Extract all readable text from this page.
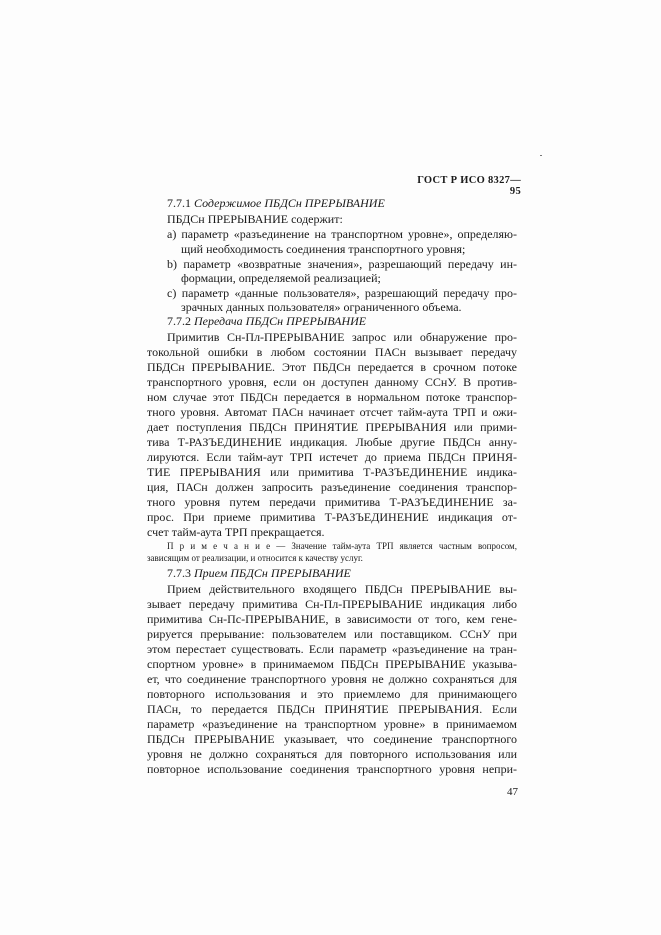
ГОСТ Р ИСО 8327—95
7.7.1 Содержимое ПБДСн ПРЕРЫВАНИЕ
ПБДСн ПРЕРЫВАНИЕ содержит:
а) параметр «разъединение на транспортном уровне», определяю-
щий необходимость соединения транспортного уровня;
b) параметр «возвратные значения», разрешающий передачу ин-
формации, определяемой реализацией;
с) параметр «данные пользователя», разрешающий передачу про-
зрачных данных пользователя» ограниченного объема.
7.7.2 Передача ПБДСн ПРЕРЫВАНИЕ
Примитив Сн-Пл-ПРЕРЫВАНИЕ запрос или обнаружение про-
токольной ошибки в любом состоянии ПАСн вызывает передачу
ПБДСн ПРЕРЫВАНИЕ. Этот ПБДСн передается в срочном потоке
транспортного уровня, если он доступен данному ССнУ. В против-
ном случае этот ПБДСн передается в нормальном потоке транспор-
тного уровня. Автомат ПАСн начинает отсчет тайм-аута ТРП и ожи-
дает поступления ПБДСн ПРИНЯТИЕ ПРЕРЫВАНИЯ или прими-
тива Т-РАЗЪЕДИНЕНИЕ индикация. Любые другие ПБДСн анну-
лируются. Если тайм-аут ТРП истечет до приема ПБДСн ПРИНЯ-
ТИЕ ПРЕРЫВАНИЯ или примитива Т-РАЗЪЕДИНЕНИЕ индика-
ция, ПАСн должен запросить разъединение соединения транспор-
тного уровня путем передачи примитива Т-РАЗЪЕДИНЕНИЕ за-
прос. При приеме примитива Т-РАЗЪЕДИНЕНИЕ индикация от-
счет тайм-аута ТРП прекращается.
П р и м е ч а н и е — Значение тайм-аута ТРП является частным вопросом,
зависящим от реализации, и относится к качеству услуг.
7.7.3 Прием ПБДСн ПРЕРЫВАНИЕ
Прием действительного входящего ПБДСн ПРЕРЫВАНИЕ вы-
зывает передачу примитива Сн-Пл-ПРЕРЫВАНИЕ индикация либо
примитива Сн-Пс-ПРЕРЫВАНИЕ, в зависимости от того, кем гене-
рируется прерывание: пользователем или поставщиком. ССнУ при
этом перестает существовать. Если параметр «разъединение на тран-
спортном уровне» в принимаемом ПБДСн ПРЕРЫВАНИЕ указыва-
ет, что соединение транспортного уровня не должно сохраняться для
повторного использования и это приемлемо для принимающего
ПАСн, то передается ПБДСн ПРИНЯТИЕ ПРЕРЫВАНИЯ. Если
параметр «разъединение на транспортном уровне» в принимаемом
ПБДСн ПРЕРЫВАНИЕ указывает, что соединение транспортного
уровня не должно сохраняться для повторного использования или
повторное использование соединения транспортного уровня непри-
47
